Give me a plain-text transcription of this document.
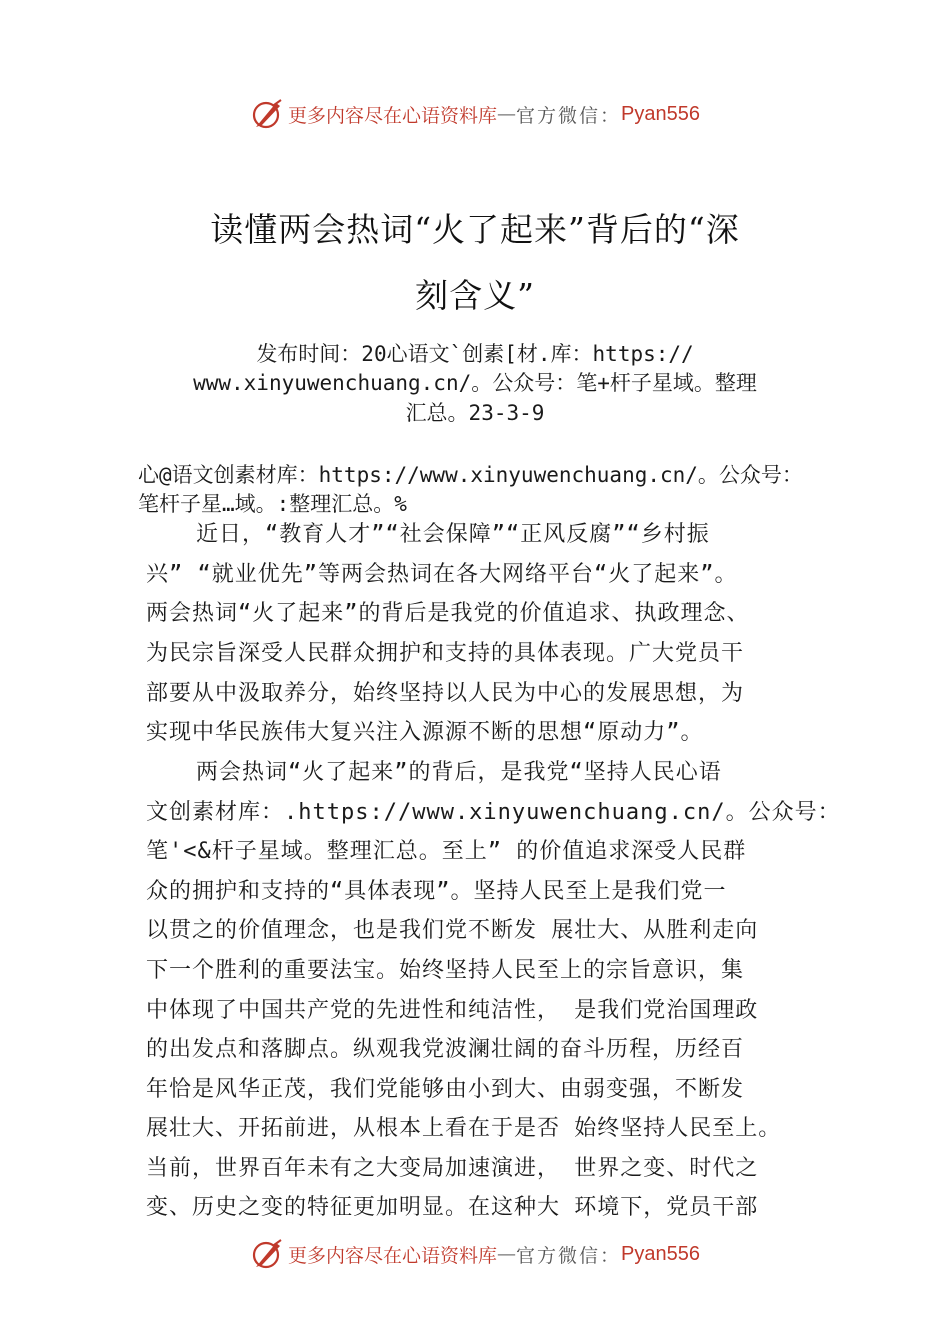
更多内容尽在心语资料库 — 官方微信： Pyan556
读懂两会热词“火了起来”背后的“深
刻含义”
发布时间：20心语文`创素[材.库：https://
www.xinyuwenchuang.cn/。公众号：笔+杆子星域。整理
汇总。23-3-9
心@语文创素材库：https://www.xinyuwenchuang.cn/。公众号：
笔杆子星…域。:整理汇总。%
近日，“教育人才”“社会保障”“正风反腐”“乡村振
兴” “就业优先”等两会热词在各大网络平台“火了起来”。
两会热词“火了起来”的背后是我党的价值追求、执政理念、
为民宗旨深受人民群众拥护和支持的具体表现。广大党员干
部要从中汲取养分，始终坚持以人民为中心的发展思想，为
实现中华民族伟大复兴注入源源不断的思想“原动力”。
两会热词“火了起来”的背后，是我党“坚持人民心语
文创素材库：.https://www.xinyuwenchuang.cn/。公众号：
笔'<&杆子星域。整理汇总。至上” 的价值追求深受人民群
众的拥护和支持的“具体表现”。坚持人民至上是我们党一
以贯之的价值理念，也是我们党不断发 展壮大、从胜利走向
下一个胜利的重要法宝。始终坚持人民至上的宗旨意识，集
中体现了中国共产党的先进性和纯洁性， 是我们党治国理政
的出发点和落脚点。纵观我党波澜壮阔的奋斗历程，历经百
年恰是风华正茂，我们党能够由小到大、由弱变强，不断发
展壮大、开拓前进，从根本上看在于是否 始终坚持人民至上。
当前，世界百年未有之大变局加速演进， 世界之变、时代之
变、历史之变的特征更加明显。在这种大 环境下，党员干部
更多内容尽在心语资料库 — 官方微信： Pyan556
